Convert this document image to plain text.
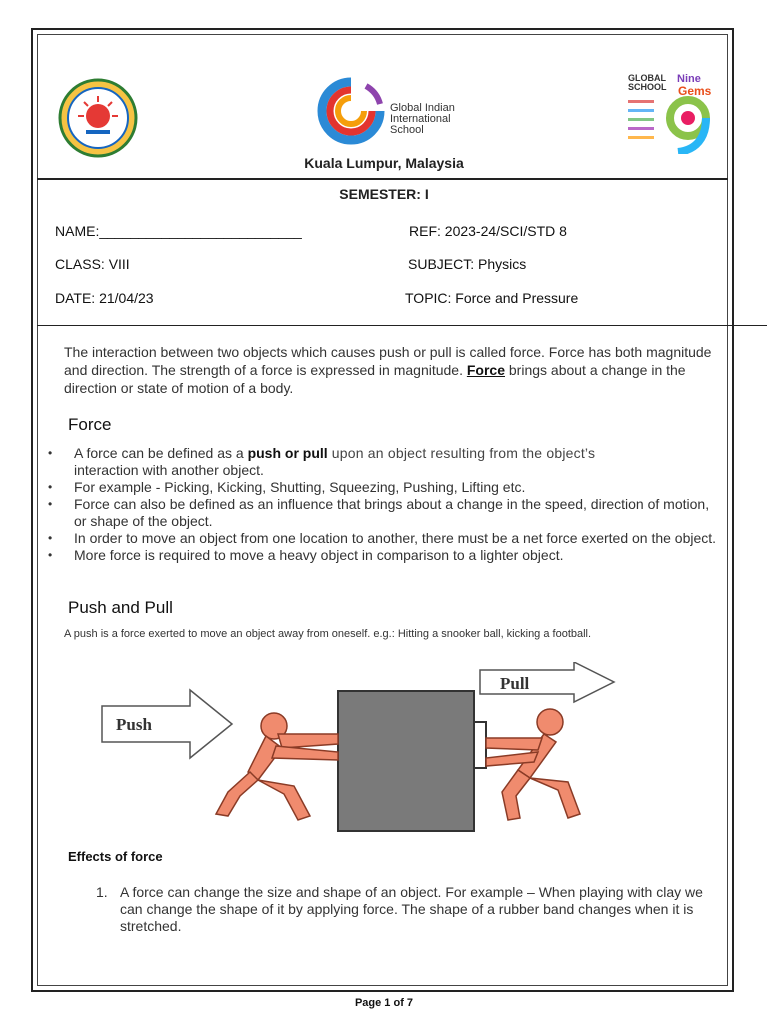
Global Indian
International
School
GLOBAL
SCHOOL
Nine
Gems
Kuala Lumpur, Malaysia
SEMESTER: I
NAME:__________________________	REF: 2023-24/SCI/STD 8
CLASS: VIII	SUBJECT: Physics
DATE: 21/04/23	TOPIC: Force and Pressure
The interaction between two objects which causes push or pull is called force. Force has both magnitude and direction. The strength of a force is expressed in magnitude. Force brings about a change in the direction or state of motion of a body.
Force
• A force can be defined as a push or pull upon an object resulting from the object’s
interaction with another object.
• For example - Picking, Kicking, Shutting, Squeezing, Pushing, Lifting etc.
• Force can also be defined as an influence that brings about a change in the speed, direction of motion, or shape of the object.
• In order to move an object from one location to another, there must be a net force exerted on the object.
• More force is required to move a heavy object in comparison to a lighter object.
Push and Pull
A push is a force exerted to move an object away from oneself. e.g.: Hitting a snooker ball, kicking a football.
Push
Pull
Effects of force
1. A force can change the size and shape of an object. For example – When playing with clay we can change the shape of it by applying force. The shape of a rubber band changes when it is stretched.
Page 1 of 7
